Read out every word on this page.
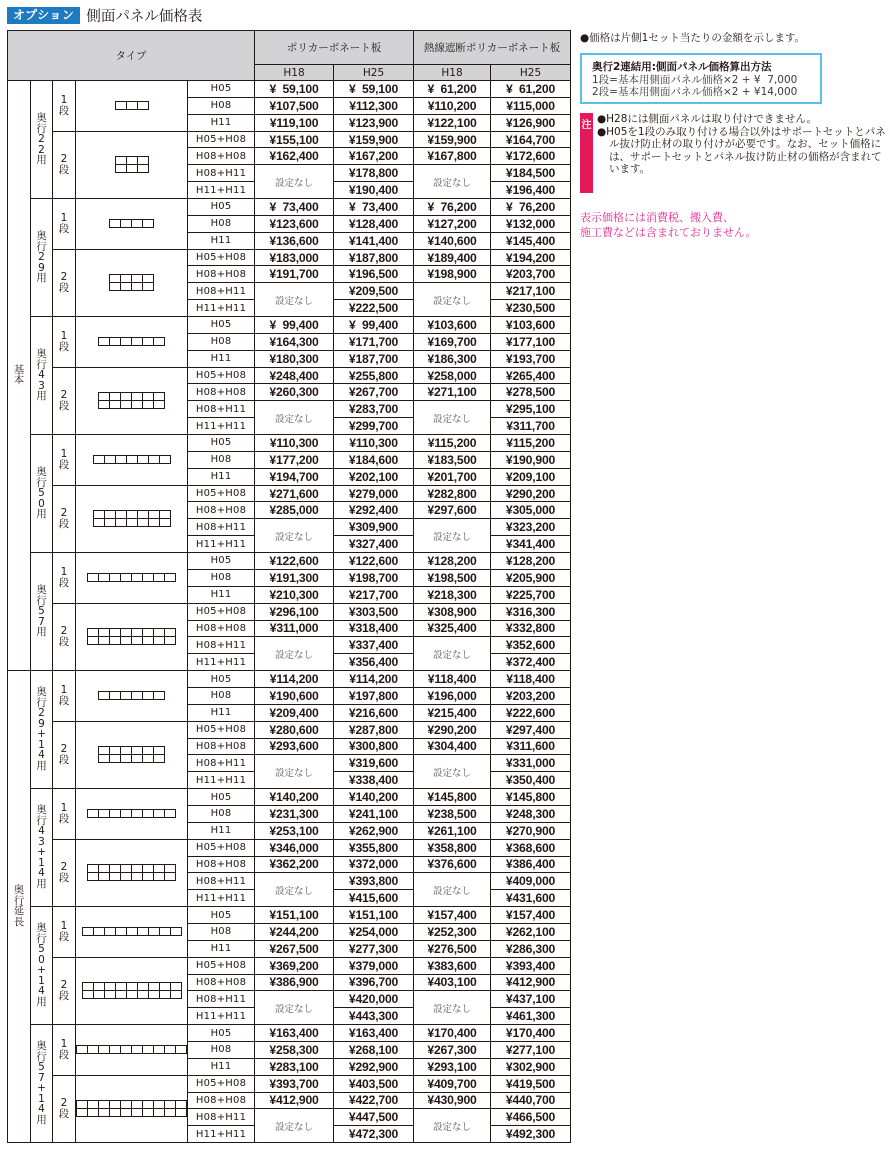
オプション 側面パネル価格表
タイプ					ポリカーボネート板		熱線遮断ポリカーボネート板	
					H18	H25	H18	H25
基本	奥行22用	1段		H05	¥  59,100	¥  59,100	¥  61,200	¥  61,200
				H08	¥107,500	¥112,300	¥110,200	¥115,000
				H11	¥119,100	¥123,900	¥122,100	¥126,900
		2段		H05+H08	¥155,100	¥159,900	¥159,900	¥164,700
				H08+H08	¥162,400	¥167,200	¥167,800	¥172,600
				H08+H11	設定なし	¥178,800	設定なし	¥184,500
				H11+H11		¥190,400		¥196,400
	奥行29用	1段		H05	¥  73,400	¥  73,400	¥  76,200	¥  76,200
				H08	¥123,600	¥128,400	¥127,200	¥132,000
				H11	¥136,600	¥141,400	¥140,600	¥145,400
		2段		H05+H08	¥183,000	¥187,800	¥189,400	¥194,200
				H08+H08	¥191,700	¥196,500	¥198,900	¥203,700
				H08+H11	設定なし	¥209,500	設定なし	¥217,100
				H11+H11		¥222,500		¥230,500
	奥行43用	1段		H05	¥  99,400	¥  99,400	¥103,600	¥103,600
				H08	¥164,300	¥171,700	¥169,700	¥177,100
				H11	¥180,300	¥187,700	¥186,300	¥193,700
		2段		H05+H08	¥248,400	¥255,800	¥258,000	¥265,400
				H08+H08	¥260,300	¥267,700	¥271,100	¥278,500
				H08+H11	設定なし	¥283,700	設定なし	¥295,100
				H11+H11		¥299,700		¥311,700
	奥行50用	1段		H05	¥110,300	¥110,300	¥115,200	¥115,200
				H08	¥177,200	¥184,600	¥183,500	¥190,900
				H11	¥194,700	¥202,100	¥201,700	¥209,100
		2段		H05+H08	¥271,600	¥279,000	¥282,800	¥290,200
				H08+H08	¥285,000	¥292,400	¥297,600	¥305,000
				H08+H11	設定なし	¥309,900	設定なし	¥323,200
				H11+H11		¥327,400		¥341,400
	奥行57用	1段		H05	¥122,600	¥122,600	¥128,200	¥128,200
				H08	¥191,300	¥198,700	¥198,500	¥205,900
				H11	¥210,300	¥217,700	¥218,300	¥225,700
		2段		H05+H08	¥296,100	¥303,500	¥308,900	¥316,300
				H08+H08	¥311,000	¥318,400	¥325,400	¥332,800
				H08+H11	設定なし	¥337,400	設定なし	¥352,600
				H11+H11		¥356,400		¥372,400
奥行延長	奥行29+14用	1段		H05	¥114,200	¥114,200	¥118,400	¥118,400
				H08	¥190,600	¥197,800	¥196,000	¥203,200
				H11	¥209,400	¥216,600	¥215,400	¥222,600
		2段		H05+H08	¥280,600	¥287,800	¥290,200	¥297,400
				H08+H08	¥293,600	¥300,800	¥304,400	¥311,600
				H08+H11	設定なし	¥319,600	設定なし	¥331,000
				H11+H11		¥338,400		¥350,400
	奥行43+14用	1段		H05	¥140,200	¥140,200	¥145,800	¥145,800
				H08	¥231,300	¥241,100	¥238,500	¥248,300
				H11	¥253,100	¥262,900	¥261,100	¥270,900
		2段		H05+H08	¥346,000	¥355,800	¥358,800	¥368,600
				H08+H08	¥362,200	¥372,000	¥376,600	¥386,400
				H08+H11	設定なし	¥393,800	設定なし	¥409,000
				H11+H11		¥415,600		¥431,600
	奥行50+14用	1段		H05	¥151,100	¥151,100	¥157,400	¥157,400
				H08	¥244,200	¥254,000	¥252,300	¥262,100
				H11	¥267,500	¥277,300	¥276,500	¥286,300
		2段		H05+H08	¥369,200	¥379,000	¥383,600	¥393,400
				H08+H08	¥386,900	¥396,700	¥403,100	¥412,900
				H08+H11	設定なし	¥420,000	設定なし	¥437,100
				H11+H11		¥443,300		¥461,300
	奥行57+14用	1段		H05	¥163,400	¥163,400	¥170,400	¥170,400
				H08	¥258,300	¥268,100	¥267,300	¥277,100
				H11	¥283,100	¥292,900	¥293,100	¥302,900
		2段		H05+H08	¥393,700	¥403,500	¥409,700	¥419,500
				H08+H08	¥412,900	¥422,700	¥430,900	¥440,700
				H08+H11	設定なし	¥447,500	設定なし	¥466,500
				H11+H11		¥472,300		¥492,300
●価格は片側1セット当たりの金額を示します。
奥行2連結用:側面パネル価格算出方法
1段=基本用側面パネル価格×2 + ¥  7,000
2段=基本用側面パネル価格×2 + ¥14,000
注
●H28には側面パネルは取り付けできません。
●H05を1段のみ取り付ける場合以外はサポートセットとパネル抜け防止材の取り付けが必要です。なお、セット価格には、サポートセットとパネル抜け防止材の価格が含まれています。
表示価格には消費税、搬入費、
施工費などは含まれておりません。
